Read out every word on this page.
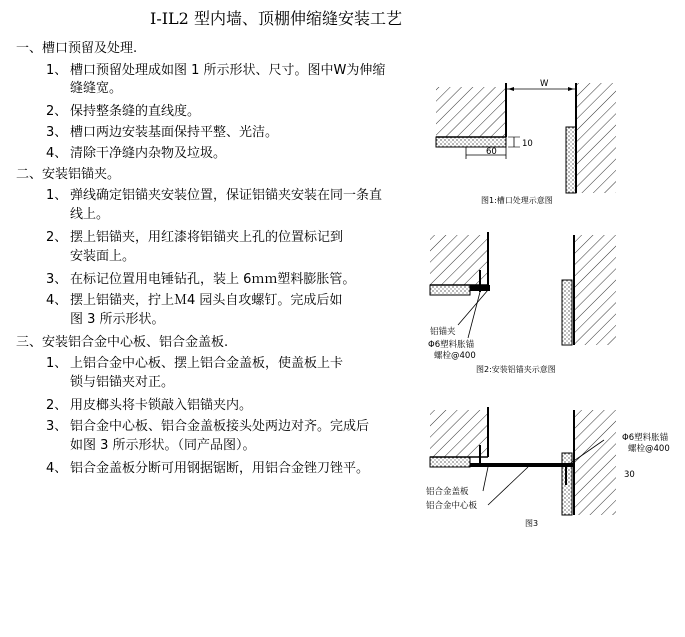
I-IL2 型内墙、顶棚伸缩缝安装工艺
一、槽口预留及处理.
1、 槽口预留处理成如图 1 所示形状、尺寸。图中W为伸缩
缝缝宽。
2、 保持整条缝的直线度。
3、 槽口两边安装基面保持平整、光洁。
4、 清除干净缝内杂物及垃圾。
二、安装铝锚夹。
1、 弹线确定铝锚夹安装位置，保证铝锚夹安装在同一条直
线上。
2、 摆上铝锚夹，用红漆将铝锚夹上孔的位置标记到
安装面上。
3、 在标记位置用电锤钻孔，装上 6ｍｍ塑料膨胀管。
4、 摆上铝锚夹，拧上Ｍ4 园头自攻螺钉。完成后如
图 3 所示形状。
三、安装铝合金中心板、铝合金盖板.
1、 上铝合金中心板、摆上铝合金盖板，使盖板上卡
锁与铝锚夹对正。
2、 用皮榔头将卡锁敲入铝锚夹内。
3、 铝合金中心板、铝合金盖板接头处两边对齐。完成后
如图 3 所示形状。（同产品图）。
4、 铝合金盖板分断可用钢据锯断，用铝合金锉刀锉平。
W
60
10
图1:槽口处理示意图
铝锚夹
Φ6塑料胀锚
螺栓@400
图2:安装铝锚夹示意图
Φ6塑料胀锚
螺栓@400
30
铝合金盖板
铝合金中心板
图3
